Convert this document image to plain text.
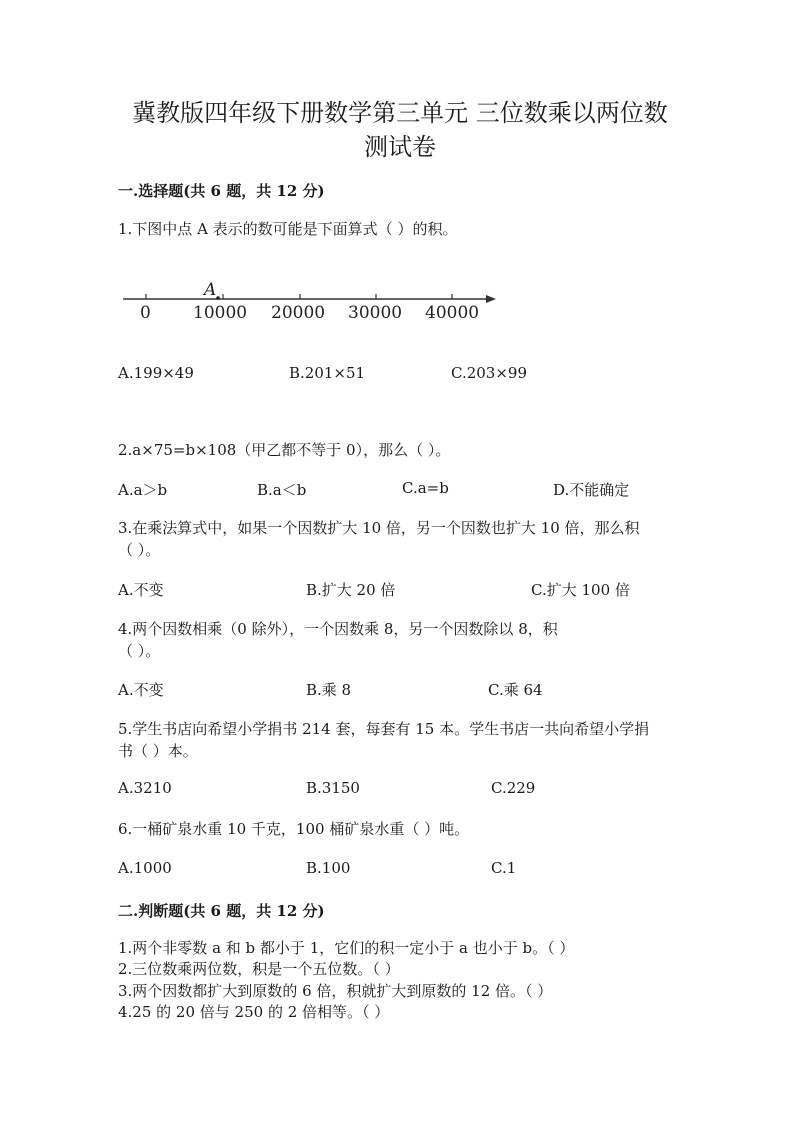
冀教版四年级下册数学第三单元 三位数乘以两位数
测试卷
一.选择题(共 6 题，共 12 分)
1.下图中点 A 表示的数可能是下面算式（ ）的积。
A
0 10000 20000 30000 40000
A.199×49	B.201×51	C.203×99
2.a×75=b×108（甲乙都不等于 0），那么（ ）。
A.a＞b	B.a＜b	C.a=b	D.不能确定
3.在乘法算式中，如果一个因数扩大 10 倍，另一个因数也扩大 10 倍，那么积
（ ）。
A.不变	B.扩大 20 倍	C.扩大 100 倍
4.两个因数相乘（0 除外），一个因数乘 8，另一个因数除以 8，积
（ ）。
A.不变	B.乘 8	C.乘 64
5.学生书店向希望小学捐书 214 套，每套有 15 本。学生书店一共向希望小学捐
书（ ）本。
A.3210	B.3150	C.229
6.一桶矿泉水重 10 千克，100 桶矿泉水重（ ）吨。
A.1000	B.100	C.1
二.判断题(共 6 题，共 12 分)
1.两个非零数 a 和 b 都小于 1，它们的积一定小于 a 也小于 b。（ ）
2.三位数乘两位数，积是一个五位数。（ ）
3.两个因数都扩大到原数的 6 倍，积就扩大到原数的 12 倍。（ ）
4.25 的 20 倍与 250 的 2 倍相等。（ ）
